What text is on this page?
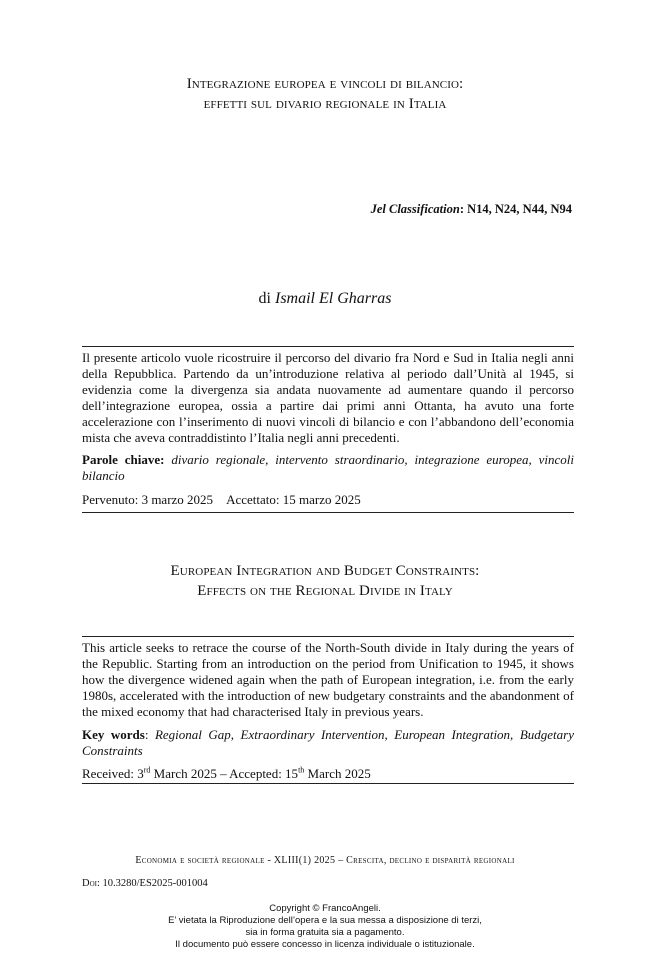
Integrazione europea e vincoli di bilancio:
effetti sul divario regionale in Italia
Jel Classification: N14, N24, N44, N94
di Ismail El Gharras
Il presente articolo vuole ricostruire il percorso del divario fra Nord e Sud in Italia negli anni della Repubblica. Partendo da un’introduzione relativa al periodo dall’Unità al 1945, si evidenzia come la divergenza sia andata nuovamente ad aumentare quando il percorso dell’integrazione europea, ossia a partire dai primi anni Ottanta, ha avuto una forte accelerazione con l’inserimento di nuovi vincoli di bilancio e con l’abbandono dell’economia mista che aveva contraddistinto l’Italia negli anni precedenti.
Parole chiave: divario regionale, intervento straordinario, integrazione europea, vincoli bilancio
Pervenuto: 3 marzo 2025 Accettato: 15 marzo 2025
European Integration and Budget Constraints:
Effects on the Regional Divide in Italy
This article seeks to retrace the course of the North-South divide in Italy during the years of the Republic. Starting from an introduction on the period from Unification to 1945, it shows how the divergence widened again when the path of European integration, i.e. from the early 1980s, accelerated with the introduction of new budgetary constraints and the abandonment of the mixed economy that had characterised Italy in previous years.
Key words: Regional Gap, Extraordinary Intervention, European Integration, Budgetary Constraints
Received: 3rd March 2025 – Accepted: 15th March 2025
Economia e società regionale - XLIII(1) 2025 – Crescita, declino e disparità regionali
Doi: 10.3280/ES2025-001004
Copyright © FrancoAngeli.
E’ vietata la Riproduzione dell’opera e la sua messa a disposizione di terzi,
sia in forma gratuita sia a pagamento.
Il documento può essere concesso in licenza individuale o istituzionale.
